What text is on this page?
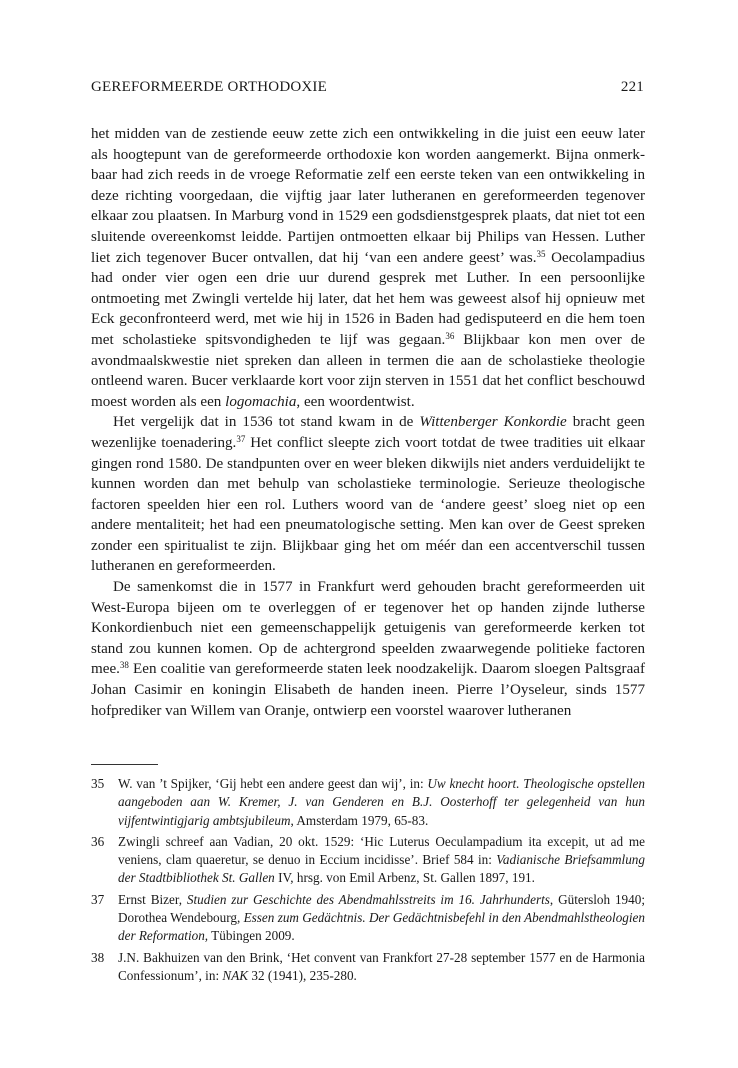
GEREFORMEERDE ORTHODOXIE	221

het midden van de zestiende eeuw zette zich een ontwikkeling in die juist een eeuw later als hoogtepunt van de gereformeerde orthodoxie kon worden aangemerkt. Bijna onmerkbaar had zich reeds in de vroege Reformatie zelf een eerste teken van een ontwikkeling in deze richting voorgedaan, die vijftig jaar later lutheranen en gereformeerden tegenover elkaar zou plaatsen. In Marburg vond in 1529 een godsdienstgesprek plaats, dat niet tot een sluitende overeenkomst leidde. Partijen ontmoetten elkaar bij Philips van Hessen. Luther liet zich tegenover Bucer ontvallen, dat hij ‘van een andere geest’ was.$^{35}$ Oecolampadius had onder vier ogen een drie uur durend gesprek met Luther. In een persoonlijke ontmoeting met Zwingli vertelde hij later, dat het hem was geweest alsof hij opnieuw met Eck geconfronteerd werd, met wie hij in 1526 in Baden had gedisputeerd en die hem toen met scholastieke spitsvondigheden te lijf was gegaan.$^{36}$ Blijkbaar kon men over de avondmaalskwestie niet spreken dan alleen in termen die aan de scholastieke theologie ontleend waren. Bucer verklaarde kort voor zijn sterven in 1551 dat het conflict beschouwd moest worden als een logomachia, een woordentwist.

Het vergelijk dat in 1536 tot stand kwam in de Wittenberger Konkordie bracht geen wezenlijke toenadering.$^{37}$ Het conflict sleepte zich voort totdat de twee tradities uit elkaar gingen rond 1580. De standpunten over en weer bleken dikwijls niet anders verduidelijkt te kunnen worden dan met behulp van scholastieke terminologie. Serieuze theologische factoren speelden hier een rol. Luthers woord van de ‘andere geest’ sloeg niet op een andere mentaliteit; het had een pneumatologische setting. Men kan over de Geest spreken zonder een spiritualist te zijn. Blijkbaar ging het om méér dan een accentverschil tussen lutheranen en gereformeerden.

De samenkomst die in 1577 in Frankfurt werd gehouden bracht gereformeerden uit West-Europa bijeen om te overleggen of er tegenover het op handen zijnde lutherse Konkordienbuch niet een gemeenschappelijk getuigenis van gereformeerde kerken tot stand zou kunnen komen. Op de achtergrond speelden zwaarwegende politieke factoren mee.$^{38}$ Een coalitie van gereformeerde staten leek noodzakelijk. Daarom sloegen Paltsgraaf Johan Casimir en koningin Elisabeth de handen ineen. Pierre l’Oyseleur, sinds 1577 hofprediker van Willem van Oranje, ontwierp een voorstel waarover lutheranen

35	W. van ’t Spijker, ‘Gij hebt een andere geest dan wij’, in: Uw knecht hoort. Theologische opstellen aangeboden aan W. Kremer, J. van Genderen en B.J. Oosterhoff ter gelegenheid van hun vijfentwintigjarig ambtsjubileum, Amsterdam 1979, 65-83.
36	Zwingli schreef aan Vadian, 20 okt. 1529: ‘Hic Luterus Oeculampadium ita excepit, ut ad me veniens, clam quaeretur, se denuo in Eccium incidisse’. Brief 584 in: Vadianische Briefsammlung der Stadtbibliothek St. Gallen IV, hrsg. von Emil Arbenz, St. Gallen 1897, 191.
37	Ernst Bizer, Studien zur Geschichte des Abendmahlsstreits im 16. Jahrhunderts, Gütersloh 1940; Dorothea Wendebourg, Essen zum Gedächtnis. Der Gedächtnisbefehl in den Abendmahlstheologien der Reformation, Tübingen 2009.
38	J.N. Bakhuizen van den Brink, ‘Het convent van Frankfort 27-28 september 1577 en de Harmonia Confessionum’, in: NAK 32 (1941), 235-280.
